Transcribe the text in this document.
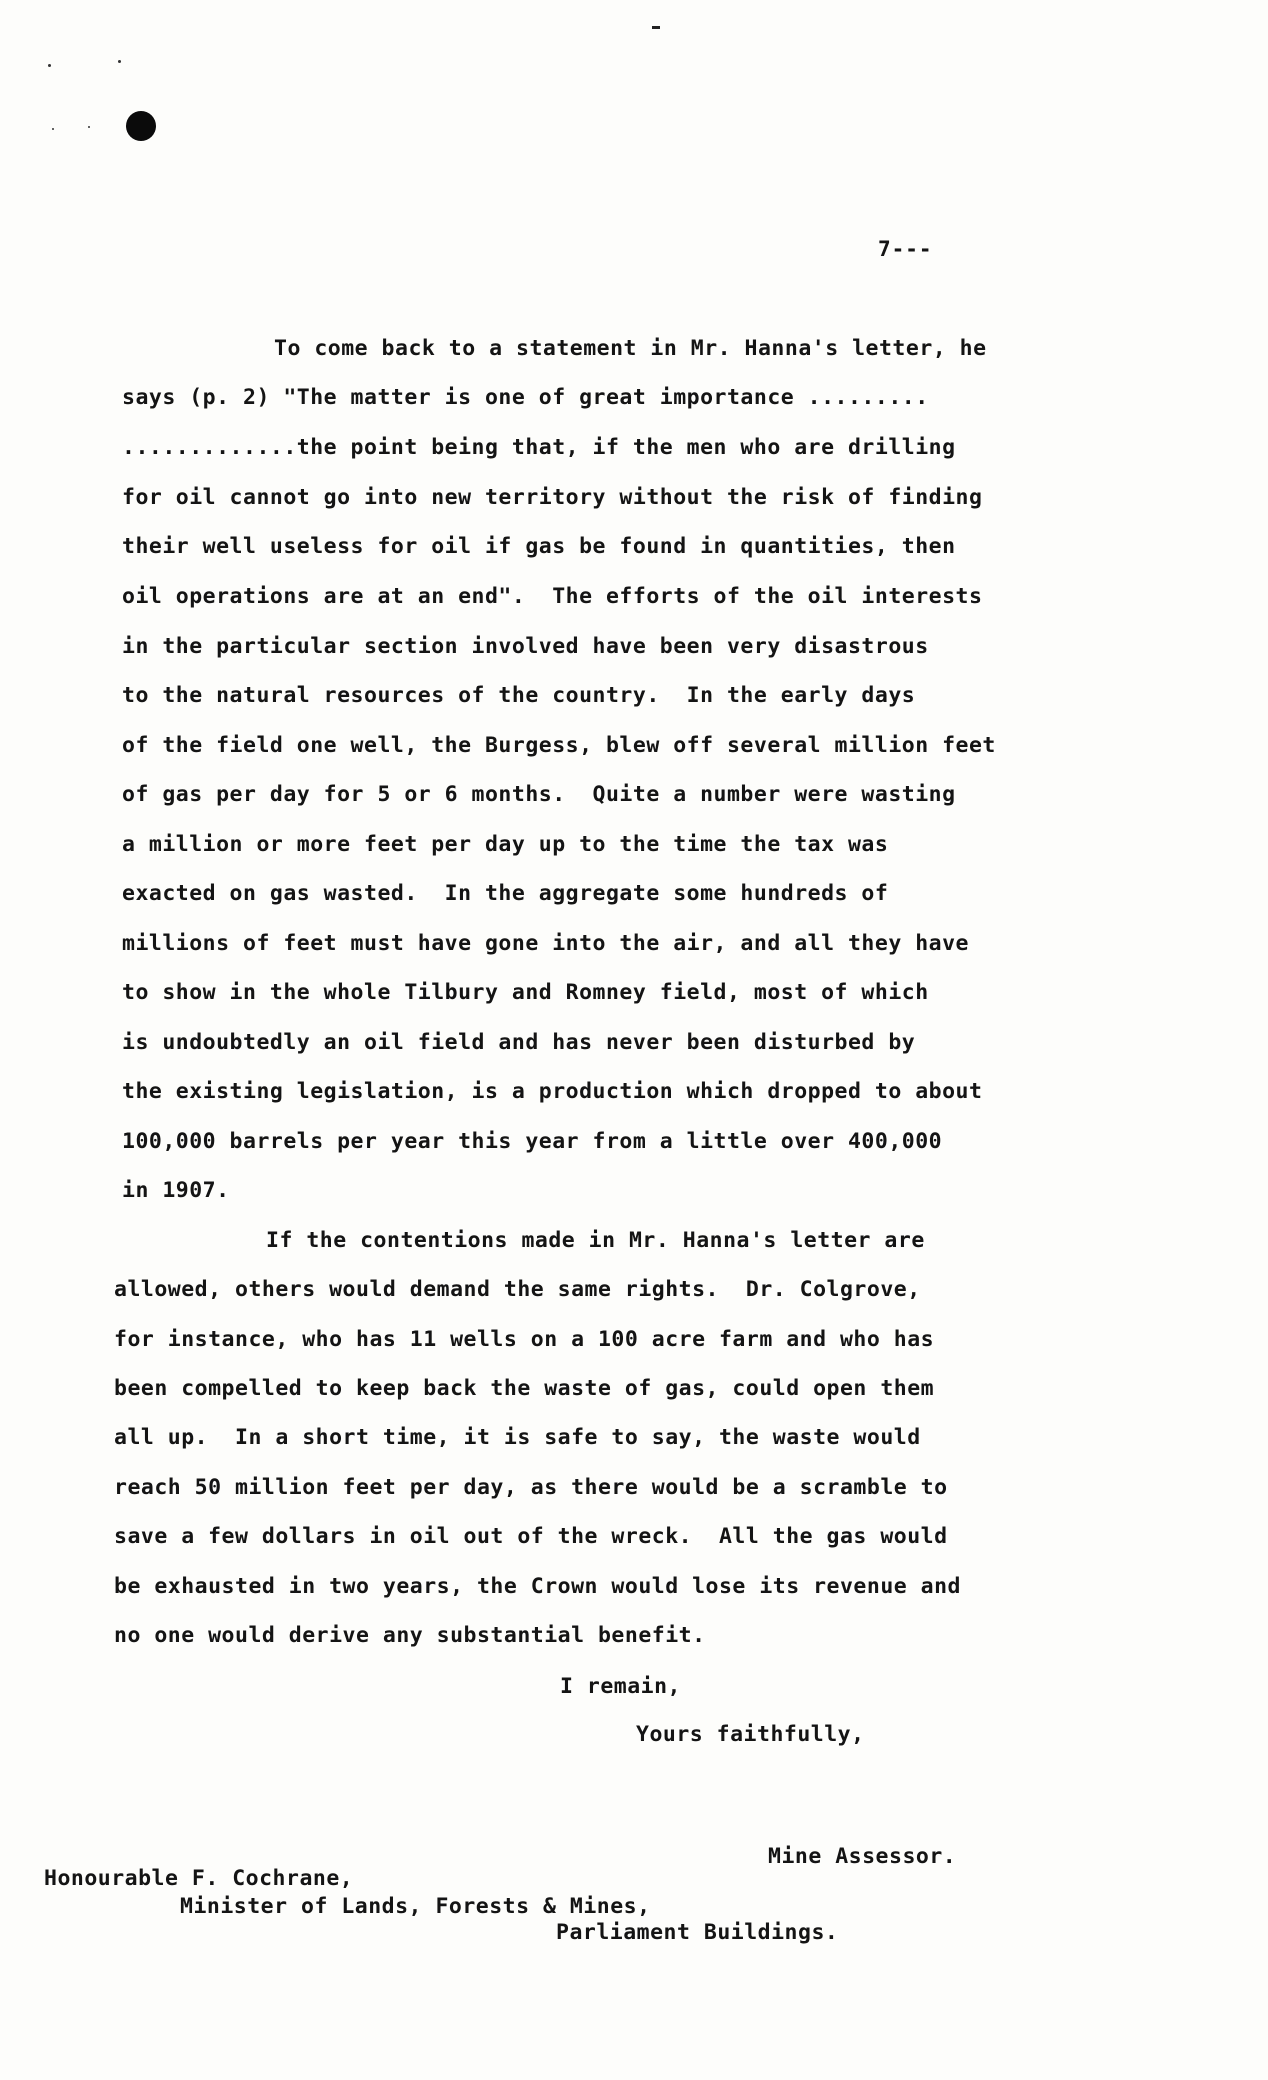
7---
To come back to a statement in Mr. Hanna's letter, he
says (p. 2) "The matter is one of great importance .........
.............the point being that, if the men who are drilling
for oil cannot go into new territory without the risk of finding
their well useless for oil if gas be found in quantities, then
oil operations are at an end".  The efforts of the oil interests
in the particular section involved have been very disastrous
to the natural resources of the country.  In the early days
of the field one well, the Burgess, blew off several million feet
of gas per day for 5 or 6 months.  Quite a number were wasting
a million or more feet per day up to the time the tax was
exacted on gas wasted.  In the aggregate some hundreds of
millions of feet must have gone into the air, and all they have
to show in the whole Tilbury and Romney field, most of which
is undoubtedly an oil field and has never been disturbed by
the existing legislation, is a production which dropped to about
100,000 barrels per year this year from a little over 400,000
in 1907.
If the contentions made in Mr. Hanna's letter are
allowed, others would demand the same rights.  Dr. Colgrove,
for instance, who has 11 wells on a 100 acre farm and who has
been compelled to keep back the waste of gas, could open them
all up.  In a short time, it is safe to say, the waste would
reach 50 million feet per day, as there would be a scramble to
save a few dollars in oil out of the wreck.  All the gas would
be exhausted in two years, the Crown would lose its revenue and
no one would derive any substantial benefit.
I remain,
Yours faithfully,
Mine Assessor.
Honourable F. Cochrane,
Minister of Lands, Forests & Mines,
Parliament Buildings.
